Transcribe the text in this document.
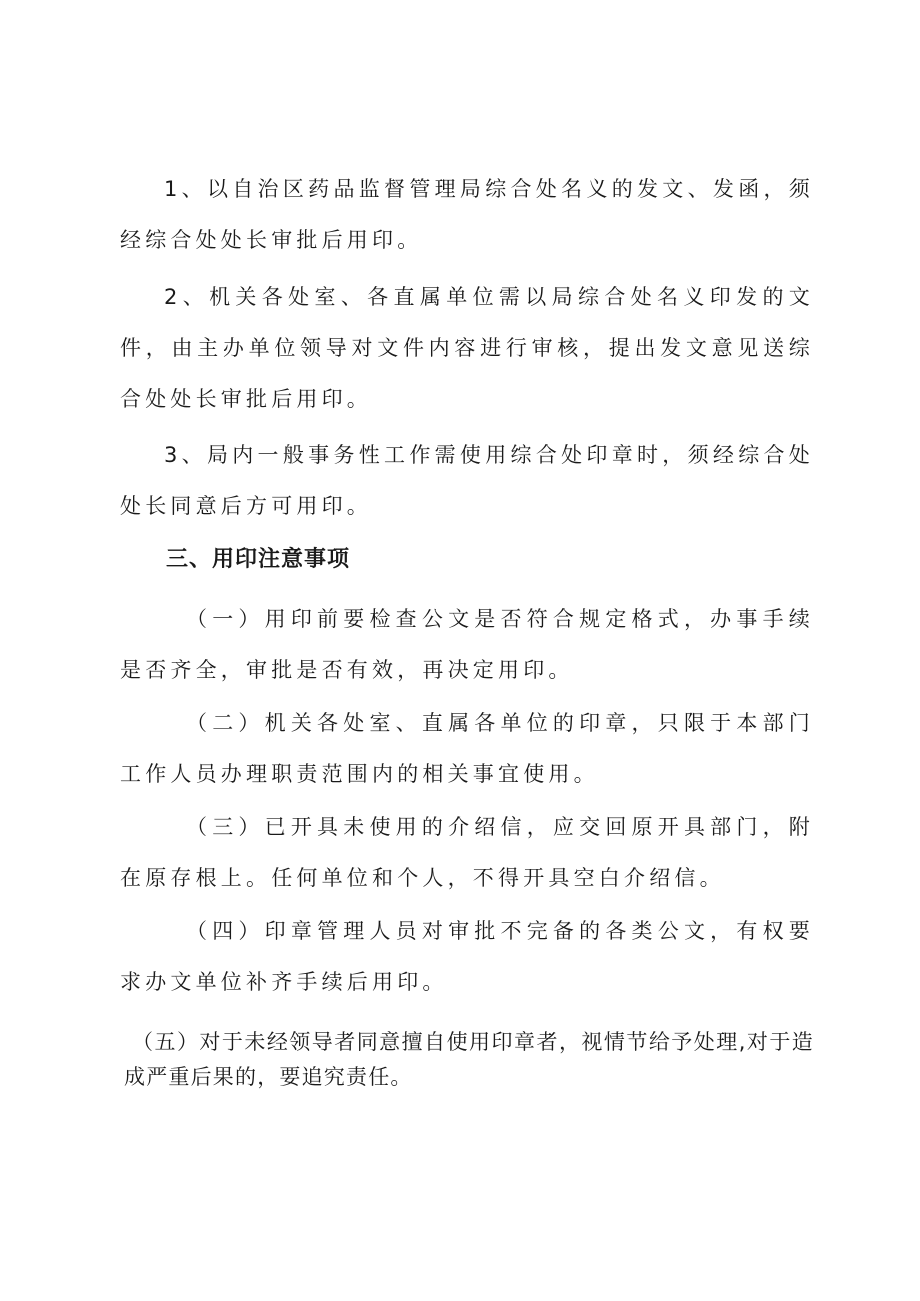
1、以自治区药品监督管理局综合处名义的发文、发函，须经综合处处长审批后用印。

2、机关各处室、各直属单位需以局综合处名义印发的文件，由主办单位领导对文件内容进行审核，提出发文意见送综合处处长审批后用印。

3、局内一般事务性工作需使用综合处印章时，须经综合处处长同意后方可用印。

三、用印注意事项

（一）用印前要检查公文是否符合规定格式，办事手续是否齐全，审批是否有效，再决定用印。

（二）机关各处室、直属各单位的印章，只限于本部门工作人员办理职责范围内的相关事宜使用。

（三）已开具未使用的介绍信，应交回原开具部门，附在原存根上。任何单位和个人，不得开具空白介绍信。

（四）印章管理人员对审批不完备的各类公文，有权要求办文单位补齐手续后用印。

（五）对于未经领导者同意擅自使用印章者，视情节给予处理,对于造成严重后果的，要追究责任。
